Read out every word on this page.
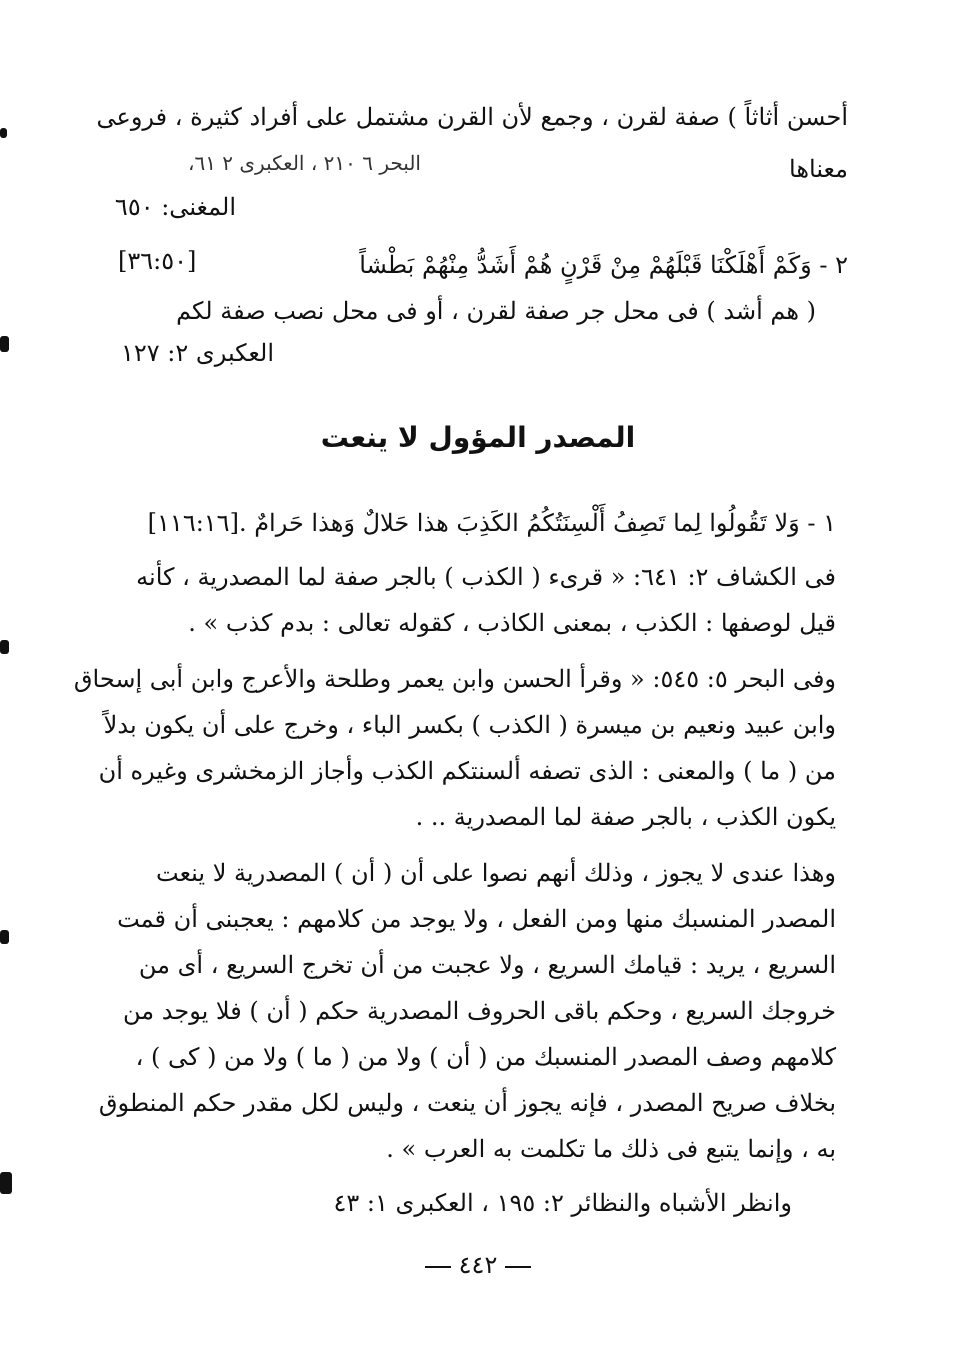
أحسن أثاثاً ) صفة لقرن ، وجمع لأن القرن مشتمل على أفراد كثيرة ، فروعى
البحر ٦ ٢١٠ ، العكبرى ٢ ٦١،	معناها
المغنى: ٦٥٠
٢ - وَكَمْ أَهْلَكْنَا قَبْلَهُمْ مِنْ قَرْنٍ هُمْ أَشَدُّ مِنْهُمْ بَطْشاً
[٣٦:٥٠]
( هم أشد ) فى محل جر صفة لقرن ، أو فى محل نصب صفة لكم
العكبرى ٢: ١٢٧
المصدر المؤول لا ينعت
١ - وَلا تَقُولُوا لِما تَصِفُ أَلْسِنَتُكُمُ الكَذِبَ هذا حَلالٌ وَهذا حَرامٌ .[١١٦:١٦]
فى الكشاف ٢: ٦٤١: « قرىء ( الكذب ) بالجر صفة لما المصدرية ، كأنه
قيل لوصفها : الكذب ، بمعنى الكاذب ، كقوله تعالى : بدم كذب » .
وفى البحر ٥: ٥٤٥: « وقرأ الحسن وابن يعمر وطلحة والأعرج وابن أبى إسحاق
وابن عبيد ونعيم بن ميسرة ( الكذب ) بكسر الباء ، وخرج على أن يكون بدلاً
من ( ما ) والمعنى : الذى تصفه ألسنتكم الكذب وأجاز الزمخشرى وغيره أن
يكون الكذب ، بالجر صفة لما المصدرية .. .
وهذا عندى لا يجوز ، وذلك أنهم نصوا على أن ( أن ) المصدرية لا ينعت
المصدر المنسبك منها ومن الفعل ، ولا يوجد من كلامهم : يعجبنى أن قمت
السريع ، يريد : قيامك السريع ، ولا عجبت من أن تخرج السريع ، أى من
خروجك السريع ، وحكم باقى الحروف المصدرية حكم ( أن ) فلا يوجد من
كلامهم وصف المصدر المنسبك من ( أن ) ولا من ( ما ) ولا من ( كى ) ،
بخلاف صريح المصدر ، فإنه يجوز أن ينعت ، وليس لكل مقدر حكم المنطوق
به ، وإنما يتبع فى ذلك ما تكلمت به العرب » .
وانظر الأشباه والنظائر ٢: ١٩٥ ، العكبرى ١: ٤٣
٤٤٢
